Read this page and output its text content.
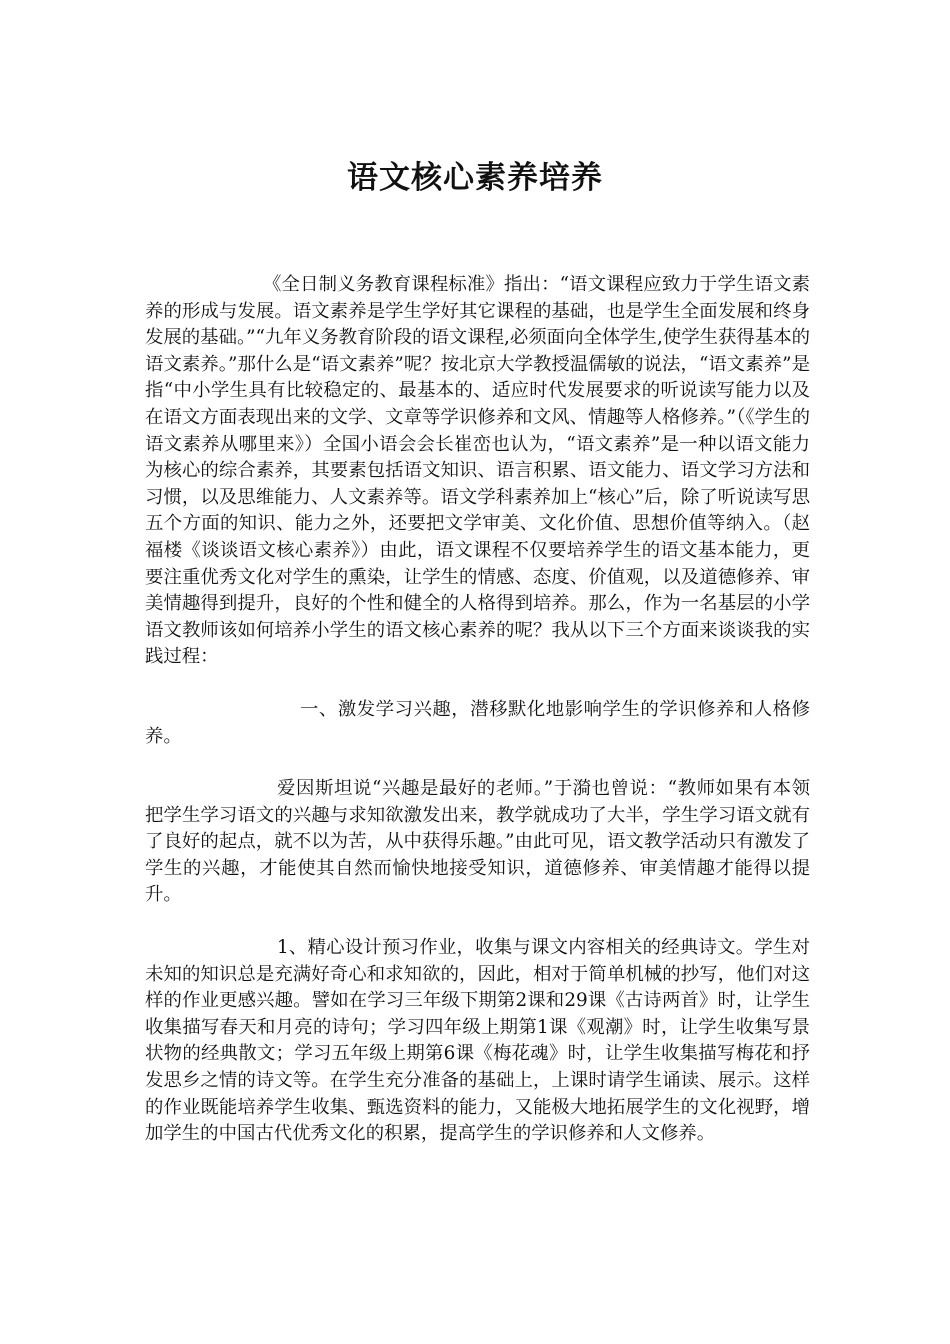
语文核心素养培养

《全日制义务教育课程标准》指出：“语文课程应致力于学生语文素养的形成与发展。语文素养是学生学好其它课程的基础，也是学生全面发展和终身发展的基础。”“九年义务教育阶段的语文课程,必须面向全体学生,使学生获得基本的语文素养。”那什么是“语文素养”呢？按北京大学教授温儒敏的说法，“语文素养”是指“中小学生具有比较稳定的、最基本的、适应时代发展要求的听说读写能力以及在语文方面表现出来的文学、文章等学识修养和文风、情趣等人格修养。”（《学生的语文素养从哪里来》）全国小语会会长崔峦也认为，“语文素养”是一种以语文能力为核心的综合素养，其要素包括语文知识、语言积累、语文能力、语文学习方法和习惯，以及思维能力、人文素养等。语文学科素养加上“核心”后，除了听说读写思五个方面的知识、能力之外，还要把文学审美、文化价值、思想价值等纳入。（赵福楼《谈谈语文核心素养》）由此，语文课程不仅要培养学生的语文基本能力，更要注重优秀文化对学生的熏染，让学生的情感、态度、价值观，以及道德修养、审美情趣得到提升，良好的个性和健全的人格得到培养。那么，作为一名基层的小学语文教师该如何培养小学生的语文核心素养的呢？我从以下三个方面来谈谈我的实践过程：

一、激发学习兴趣，潜移默化地影响学生的学识修养和人格修养。

爱因斯坦说“兴趣是最好的老师。”于漪也曾说：“教师如果有本领把学生学习语文的兴趣与求知欲激发出来，教学就成功了大半，学生学习语文就有了良好的起点，就不以为苦，从中获得乐趣。”由此可见，语文教学活动只有激发了学生的兴趣，才能使其自然而愉快地接受知识，道德修养、审美情趣才能得以提升。

1、精心设计预习作业，收集与课文内容相关的经典诗文。学生对未知的知识总是充满好奇心和求知欲的，因此，相对于简单机械的抄写，他们对这样的作业更感兴趣。譬如在学习三年级下期第2课和29课《古诗两首》时，让学生收集描写春天和月亮的诗句；学习四年级上期第1课《观潮》时，让学生收集写景状物的经典散文；学习五年级上期第6课《梅花魂》时，让学生收集描写梅花和抒发思乡之情的诗文等。在学生充分准备的基础上，上课时请学生诵读、展示。这样的作业既能培养学生收集、甄选资料的能力，又能极大地拓展学生的文化视野，增加学生的中国古代优秀文化的积累，提高学生的学识修养和人文修养。
